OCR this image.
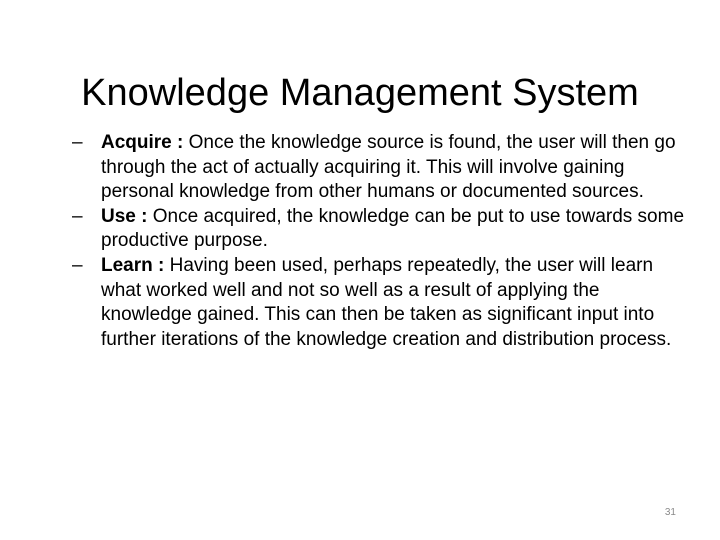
Knowledge Management System
– Acquire : Once the knowledge source is found, the user will then go through the act of actually acquiring it. This will involve gaining personal knowledge from other humans or documented sources.
– Use : Once acquired, the knowledge can be put to use towards some productive purpose.
– Learn : Having been used, perhaps repeatedly, the user will learn what worked well and not so well as a result of applying the knowledge gained. This can then be taken as significant input into further iterations of the knowledge creation and distribution process.
31
